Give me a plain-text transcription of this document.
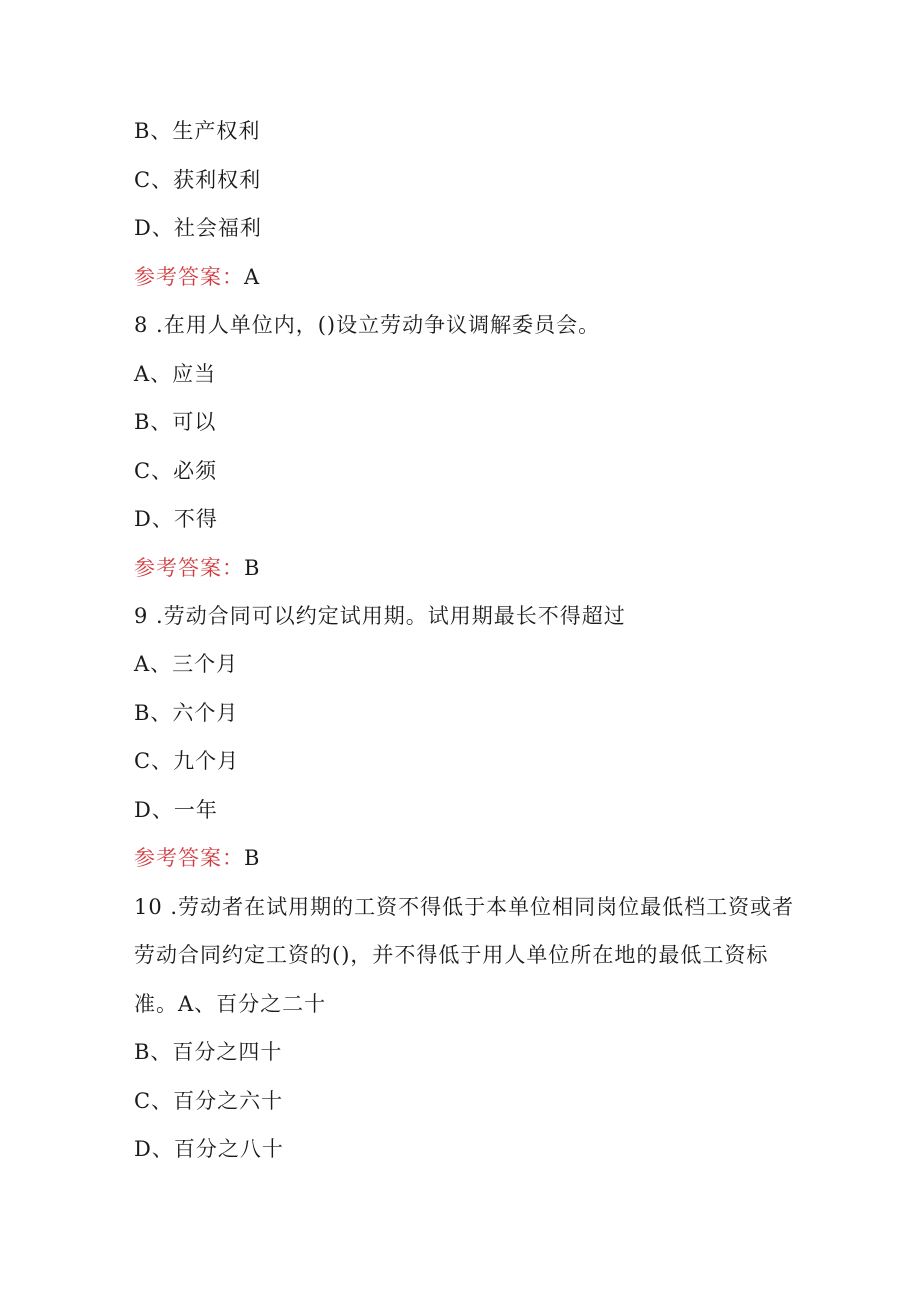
B、生产权利
C、获利权利
D、社会福利
参考答案：A
8 .在用人单位内，()设立劳动争议调解委员会。
A、应当
B、可以
C、必须
D、不得
参考答案：B
9 .劳动合同可以约定试用期。试用期最长不得超过
A、三个月
B、六个月
C、九个月
D、一年
参考答案：B
10 .劳动者在试用期的工资不得低于本单位相同岗位最低档工资或者
劳动合同约定工资的()，并不得低于用人单位所在地的最低工资标
准。A、百分之二十
B、百分之四十
C、百分之六十
D、百分之八十
